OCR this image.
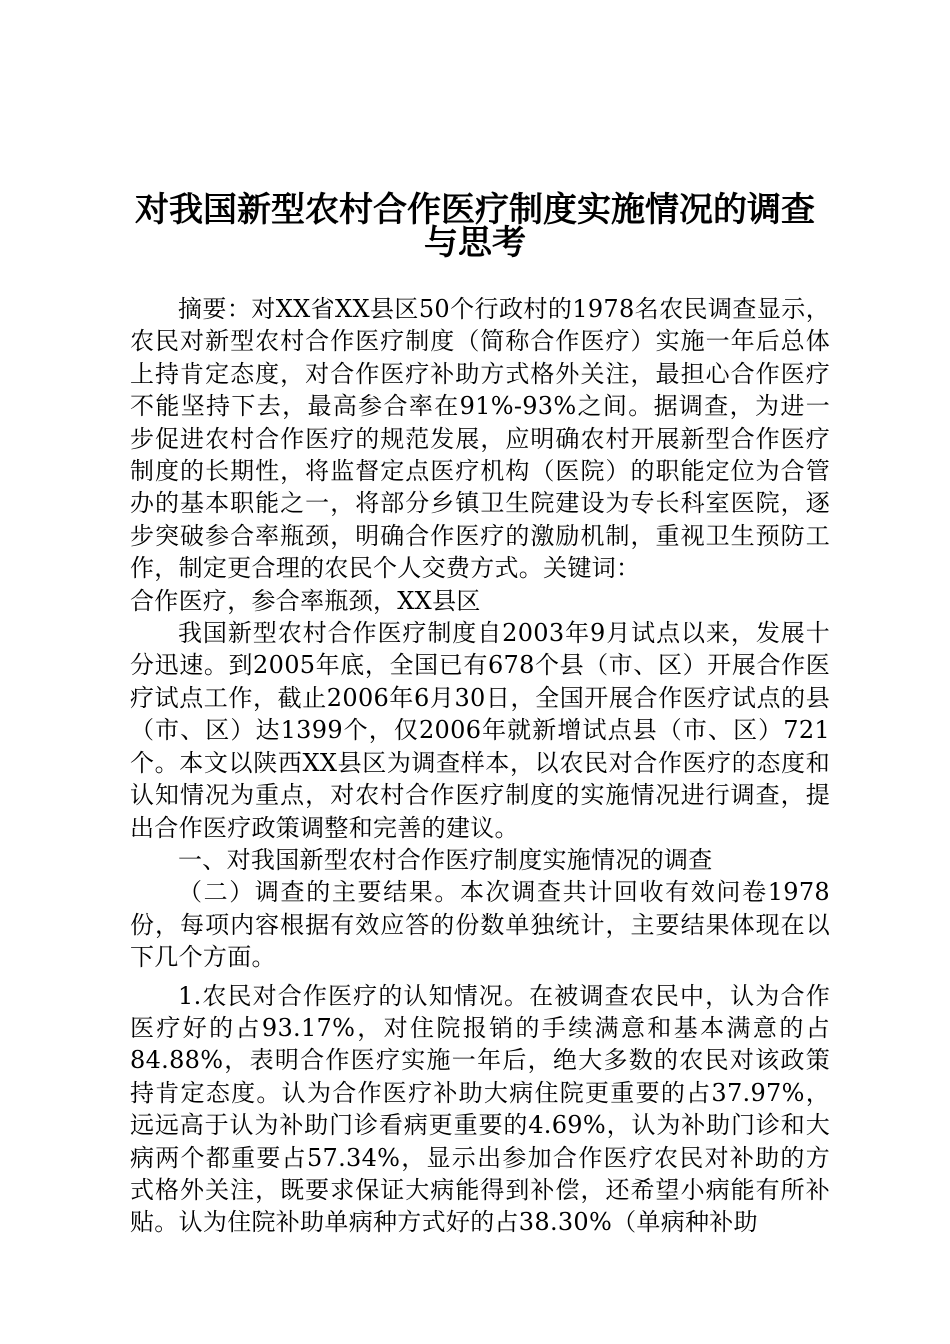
对我国新型农村合作医疗制度实施情况的调查
与思考

摘要：对XX省XX县区50个行政村的1978名农民调查显示，农民对新型农村合作医疗制度（简称合作医疗）实施一年后总体上持肯定态度，对合作医疗补助方式格外关注，最担心合作医疗不能坚持下去，最高参合率在91%-93%之间。据调查，为进一步促进农村合作医疗的规范发展，应明确农村开展新型合作医疗制度的长期性，将监督定点医疗机构（医院）的职能定位为合管办的基本职能之一，将部分乡镇卫生院建设为专长科室医院，逐步突破参合率瓶颈，明确合作医疗的激励机制，重视卫生预防工作，制定更合理的农民个人交费方式。关键词：

合作医疗，参合率瓶颈，XX县区

我国新型农村合作医疗制度自2003年9月试点以来，发展十分迅速。到2005年底，全国已有678个县（市、区）开展合作医疗试点工作，截止2006年6月30日，全国开展合作医疗试点的县（市、区）达1399个，仅2006年就新增试点县（市、区）721个。本文以陕西XX县区为调查样本，以农民对合作医疗的态度和认知情况为重点，对农村合作医疗制度的实施情况进行调查，提出合作医疗政策调整和完善的建议。

一、对我国新型农村合作医疗制度实施情况的调查

（二）调查的主要结果。本次调查共计回收有效问卷1978份，每项内容根据有效应答的份数单独统计，主要结果体现在以下几个方面。

1.农民对合作医疗的认知情况。在被调查农民中，认为合作医疗好的占93.17%，对住院报销的手续满意和基本满意的占84.88%，表明合作医疗实施一年后，绝大多数的农民对该政策持肯定态度。认为合作医疗补助大病住院更重要的占37.97%，远远高于认为补助门诊看病更重要的4.69%，认为补助门诊和大病两个都重要占57.34%，显示出参加合作医疗农民对补助的方式格外关注，既要求保证大病能得到补偿，还希望小病能有所补贴。认为住院补助单病种方式好的占38.30%（单病种补助
